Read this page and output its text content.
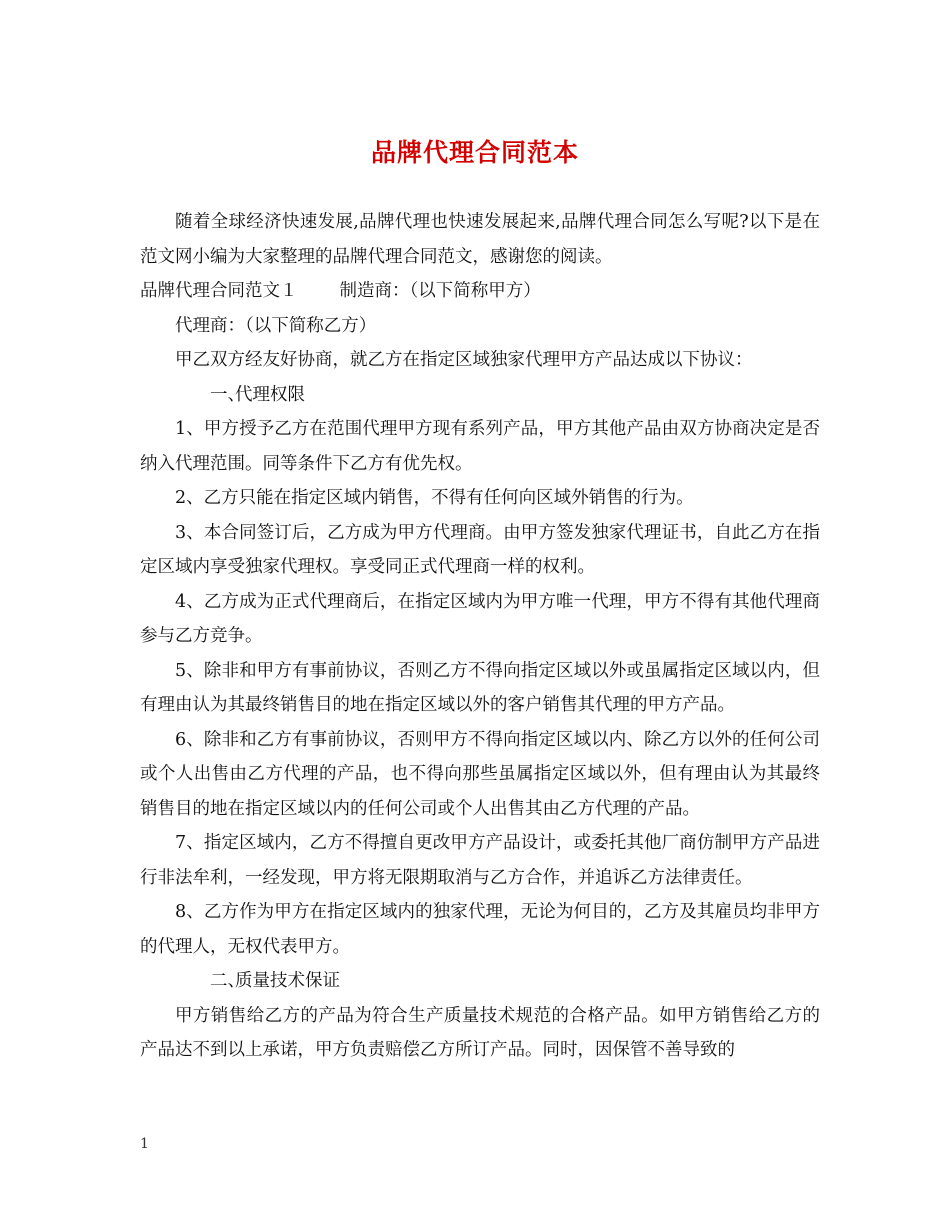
品牌代理合同范本

随着全球经济快速发展,品牌代理也快速发展起来,品牌代理合同怎么写呢?以下是在范文网小编为大家整理的品牌代理合同范文，感谢您的阅读。

品牌代理合同范文１ 制造商：（以下简称甲方）

代理商：（以下简称乙方）

甲乙双方经友好协商，就乙方在指定区域独家代理甲方产品达成以下协议：

一、代理权限

1、甲方授予乙方在范围代理甲方现有系列产品，甲方其他产品由双方协商决定是否纳入代理范围。同等条件下乙方有优先权。

2、乙方只能在指定区域内销售，不得有任何向区域外销售的行为。

3、本合同签订后，乙方成为甲方代理商。由甲方签发独家代理证书，自此乙方在指定区域内享受独家代理权。享受同正式代理商一样的权利。

4、乙方成为正式代理商后，在指定区域内为甲方唯一代理，甲方不得有其他代理商参与乙方竞争。

5、除非和甲方有事前协议，否则乙方不得向指定区域以外或虽属指定区域以内，但有理由认为其最终销售目的地在指定区域以外的客户销售其代理的甲方产品。

6、除非和乙方有事前协议，否则甲方不得向指定区域以内、除乙方以外的任何公司或个人出售由乙方代理的产品，也不得向那些虽属指定区域以外，但有理由认为其最终销售目的地在指定区域以内的任何公司或个人出售其由乙方代理的产品。

7、指定区域内，乙方不得擅自更改甲方产品设计，或委托其他厂商仿制甲方产品进行非法牟利，一经发现，甲方将无限期取消与乙方合作，并追诉乙方法律责任。

8、乙方作为甲方在指定区域内的独家代理，无论为何目的，乙方及其雇员均非甲方的代理人，无权代表甲方。

二、质量技术保证

甲方销售给乙方的产品为符合生产质量技术规范的合格产品。如甲方销售给乙方的产品达不到以上承诺，甲方负责赔偿乙方所订产品。同时，因保管不善导致的

1
